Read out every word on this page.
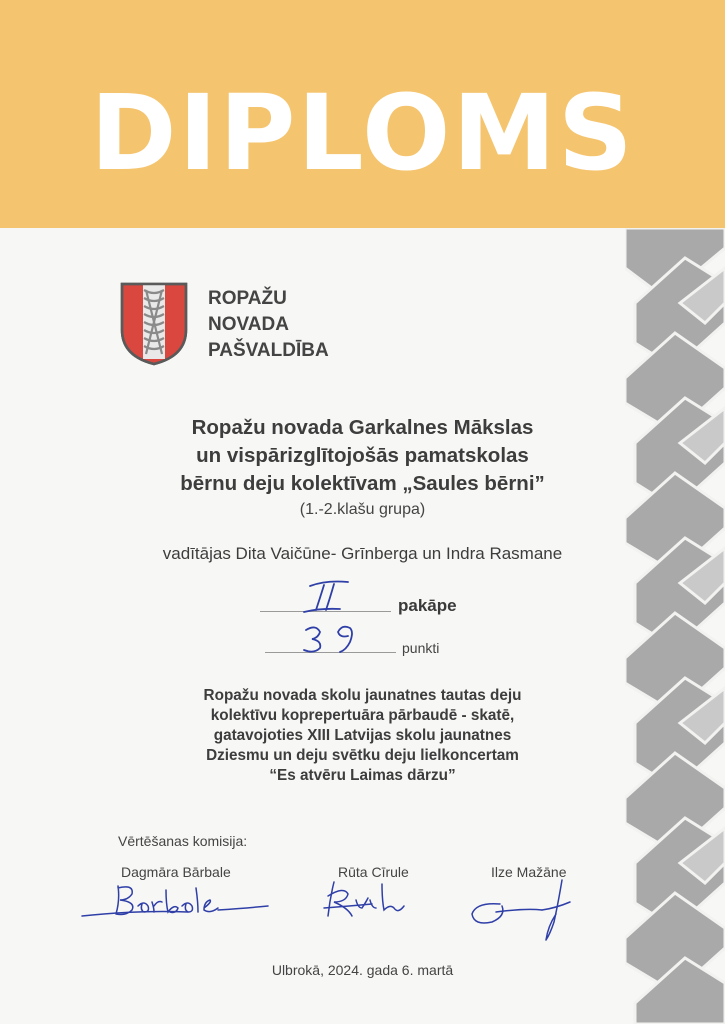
DIPLOMS
ROPAŽU
NOVADA
PAŠVALDĪBA
Ropažu novada Garkalnes Mākslas
un vispārizglītojošās pamatskolas
bērnu deju kolektīvam „Saules bērni”
(1.-2.klašu grupa)
vadītājas Dita Vaičūne- Grīnberga un Indra Rasmane
pakāpe
punkti
Ropažu novada skolu jaunatnes tautas deju
kolektīvu koprepertuāra pārbaudē - skatē,
gatavojoties XIII Latvijas skolu jaunatnes
Dziesmu un deju svētku deju lielkoncertam
“Es atvēru Laimas dārzu”
Vērtēšanas komisija:
Dagmāra Bārbale	Rūta Cīrule	Ilze Mažāne
Ulbrokā, 2024. gada 6. martā
